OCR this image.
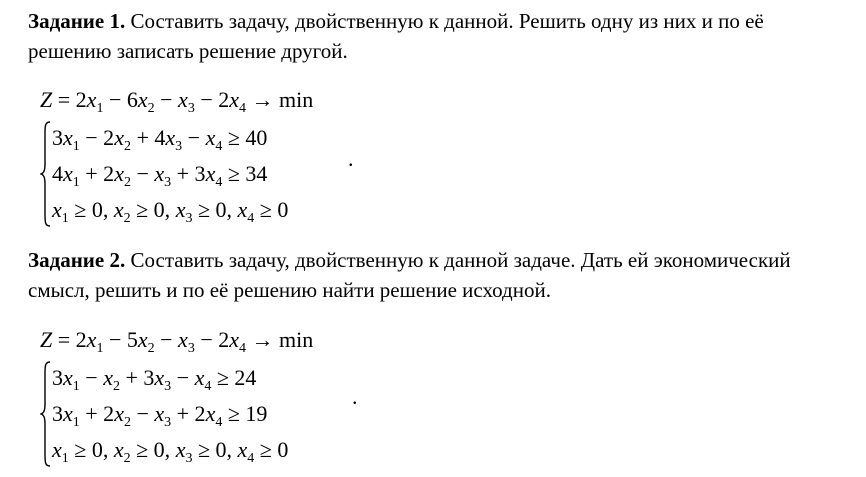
Задание 1. Составить задачу, двойственную к данной. Решить одну из них и по её решению записать решение другой.

$Z = 2x_1 - 6x_2 - x_3 - 2x_4 \to \min$
$3x_1 - 2x_2 + 4x_3 - x_4 \ge 40$
$4x_1 + 2x_2 - x_3 + 3x_4 \ge 34$
$x_1 \ge 0$, $x_2 \ge 0$, $x_3 \ge 0$, $x_4 \ge 0$
.

Задание 2. Составить задачу, двойственную к данной задаче. Дать ей экономический смысл, решить и по её решению найти решение исходной.

$Z = 2x_1 - 5x_2 - x_3 - 2x_4 \to \min$
$3x_1 - x_2 + 3x_3 - x_4 \ge 24$
$3x_1 + 2x_2 - x_3 + 2x_4 \ge 19$
$x_1 \ge 0$, $x_2 \ge 0$, $x_3 \ge 0$, $x_4 \ge 0$
.
